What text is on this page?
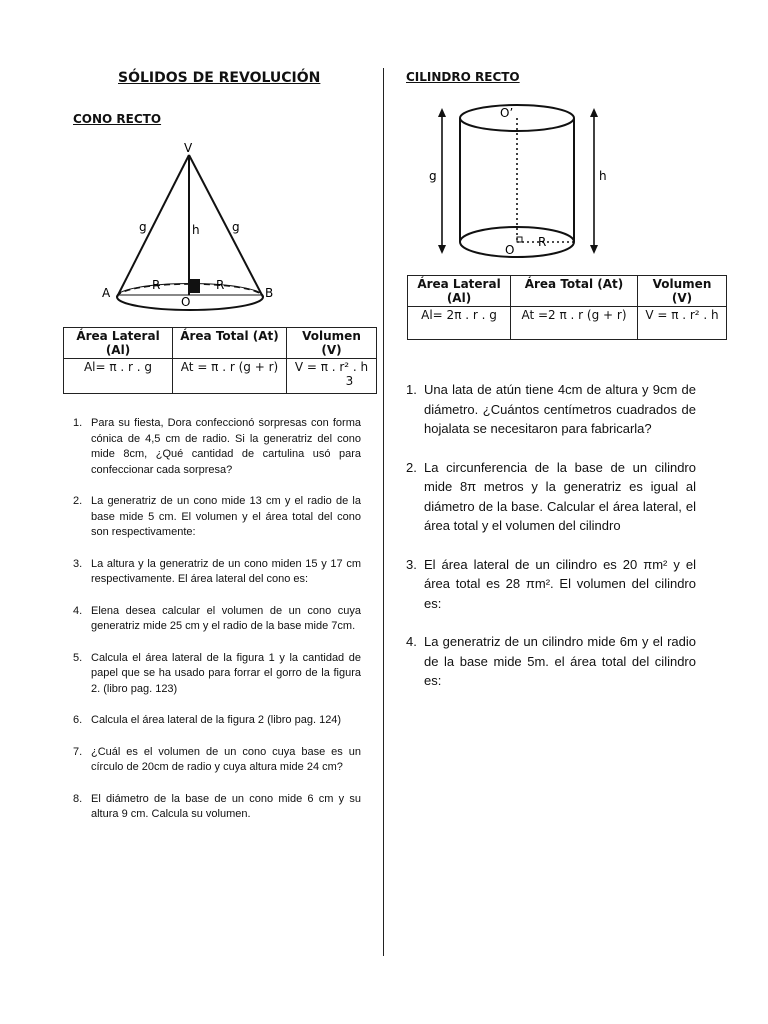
SÓLIDOS DE REVOLUCIÓN
CONO RECTO
CILINDRO RECTO
V
g	g
h
R	R
A	B
O
Área Lateral (Al)	Área Total (At)	Volumen (V)
Al= π . r . g	At = π . r (g + r)	V = π . r² . h
3
1. Para su fiesta, Dora confeccionó sorpresas con forma cónica de 4,5 cm de radio. Si la generatriz del cono mide 8cm, ¿Qué cantidad de cartulina usó para confeccionar cada sorpresa?
2. La generatriz de un cono mide 13 cm y el radio de la base mide 5 cm. El volumen y el área total del cono son respectivamente:
3. La altura y la generatriz de un cono miden 15 y 17 cm respectivamente. El área lateral del cono es:
4. Elena desea calcular el volumen de un cono cuya generatriz mide 25 cm y el radio de la base mide 7cm.
5. Calcula el área lateral de la figura 1 y la cantidad de papel que se ha usado para forrar el gorro de la figura 2. (libro pag. 123)
6. Calcula el área lateral de la figura 2 (libro pag. 124)
7. ¿Cuál es el volumen de un cono cuya base es un círculo de 20cm de radio y cuya altura mide 24 cm?
8. El diámetro de la base de un cono mide 6 cm y su altura 9 cm. Calcula su volumen.
O’
g	h
O
R
Área Lateral (Al)	Área Total (At)	Volumen (V)
Al= 2π . r . g	At =2 π . r (g + r)	V = π . r² . h
1. Una lata de atún tiene 4cm de altura y 9cm de diámetro. ¿Cuántos centímetros cuadrados de hojalata se necesitaron para fabricarla?
2. La circunferencia de la base de un cilindro mide 8π metros y la generatriz es igual al diámetro de la base. Calcular el área lateral, el área total y el volumen del cilindro
3. El área lateral de un cilindro es 20 πm² y el área total es 28 πm². El volumen del cilindro es:
4. La generatriz de un cilindro mide 6m y el radio de la base mide 5m. el área total del cilindro es:
